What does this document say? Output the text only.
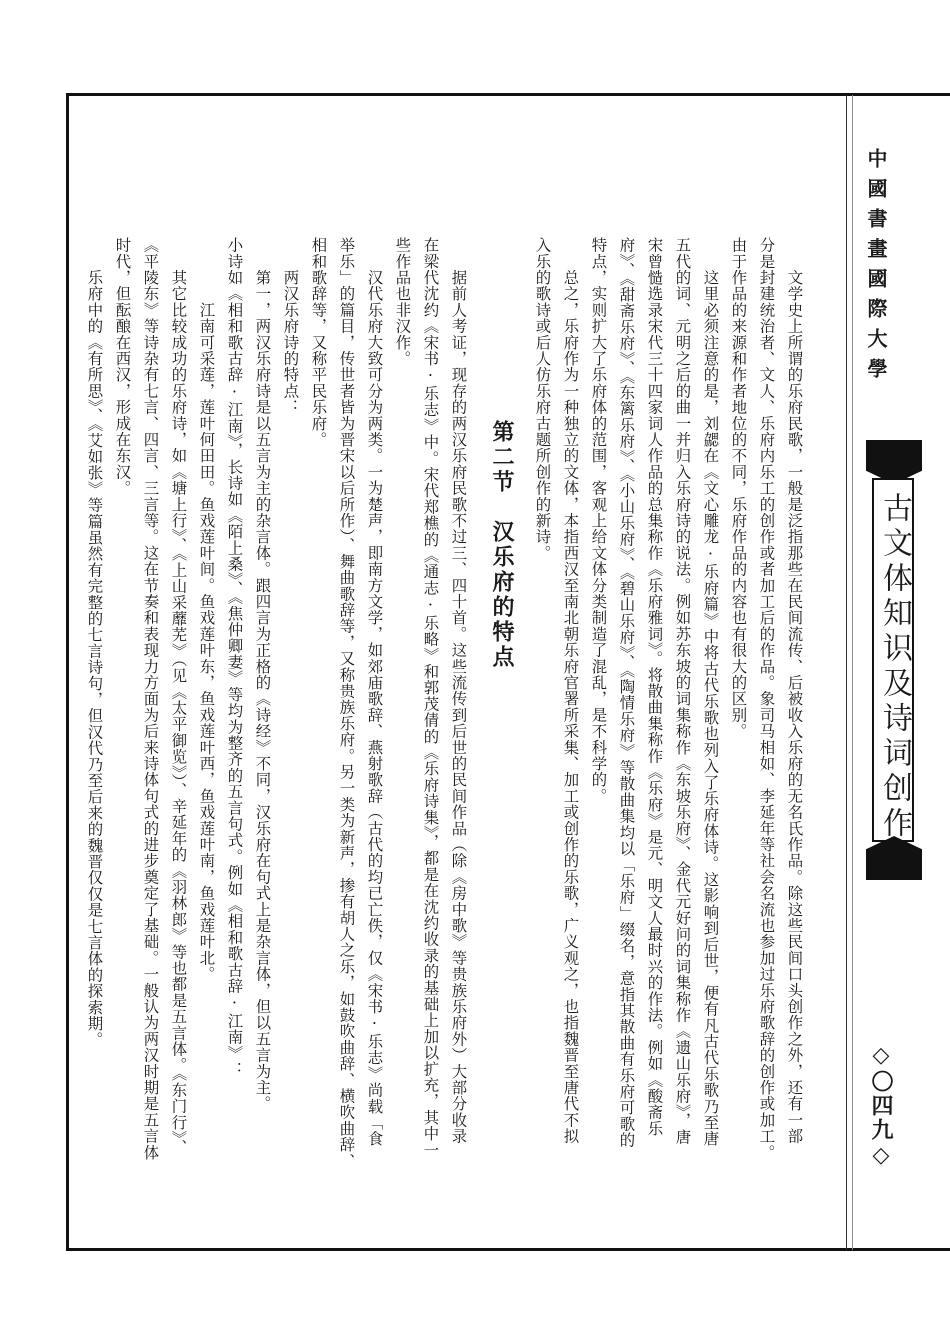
中國書畫國際大學
古文体知识及诗词创作
◇〇四九◇
第二节　汉乐府的特点	　　文学史上所谓的乐府民歌，一般是泛指那些在民间流传、后被收入乐府的无名氏作品。除这些民间口头创作之外，还有一部
分是封建统治者、文人、乐府内乐工的创作或者加工后的作品。象司马相如、李延年等社会名流也参加过乐府歌辞的创作或加工。
由于作品的来源和作者地位的不同，乐府作品的内容也有很大的区别。
　　这里必须注意的是，刘勰在《文心雕龙·乐府篇》中将古代乐歌也列入了乐府体诗。这影响到后世，便有凡古代乐歌乃至唐
五代的词、元明之后的曲一并归入乐府诗的说法。例如苏东坡的词集称作《东坡乐府》、金代元好问的词集称作《遗山乐府》，唐
宋曾慥选录宋代三十四家词人作品的总集称作《乐府雅词》。将散曲集称作《乐府》是元、明文人最时兴的作法。例如《酸斋乐
府》、《甜斋乐府》、《东篱乐府》、《小山乐府》、《碧山乐府》、《陶情乐府》等散曲集均以「乐府」缀名，意指其散曲有乐府可歌的
特点，实则扩大了乐府体的范围，客观上给文体分类制造了混乱，是不科学的。
　　总之，乐府作为一种独立的文体，本指西汉至南北朝乐府官署所采集、加工或创作的乐歌，广义观之，也指魏晋至唐代不拟
入乐的歌诗或后人仿乐府古题所创作的新诗。
　　据前人考证，现存的两汉乐府民歌不过三、四十首。这些流传到后世的民间作品（除《房中歌》等贵族乐府外）大部分收录
在梁代沈约《宋书·乐志》中。宋代郑樵的《通志·乐略》和郭茂倩的《乐府诗集》，都是在沈约收录的基础上加以扩充，其中一
些作品也非汉作。
　　汉代乐府大致可分为两类。一为楚声，即南方文学，如郊庙歌辞、燕射歌辞（古代的均已亡佚，仅《宋书·乐志》尚载「食
举乐」的篇目，传世者皆为晋宋以后所作）、舞曲歌辞等，又称贵族乐府。另一类为新声，掺有胡人之乐，如鼓吹曲辞、横吹曲辞、
相和歌辞等，又称平民乐府。
　　两汉乐府诗的特点：
　　第一，两汉乐府诗是以五言为主的杂言体。跟四言为正格的《诗经》不同，汉乐府在句式上是杂言体，但以五言为主。
小诗如《相和歌古辞·江南》，长诗如《陌上桑》、《焦仲卿妻》等均为整齐的五言句式。例如《相和歌古辞·江南》：
　　　　江南可采莲，莲叶何田田。鱼戏莲叶间。鱼戏莲叶东，鱼戏莲叶西，鱼戏莲叶南，鱼戏莲叶北。
　　其它比较成功的乐府诗，如《塘上行》、《上山采蘼芜》（见《太平御览》）、辛延年的《羽林郎》等也都是五言体。《东门行》、
《平陵东》等诗杂有七言、四言、三言等。这在节奏和表现力方面为后来诗体句式的进步奠定了基础。一般认为两汉时期是五言体
时代，但酝酿在西汉，形成在东汉。
　　乐府中的《有所思》、《艾如张》等篇虽然有完整的七言诗句，但汉代乃至后来的魏晋仅仅是七言体的探索期。
